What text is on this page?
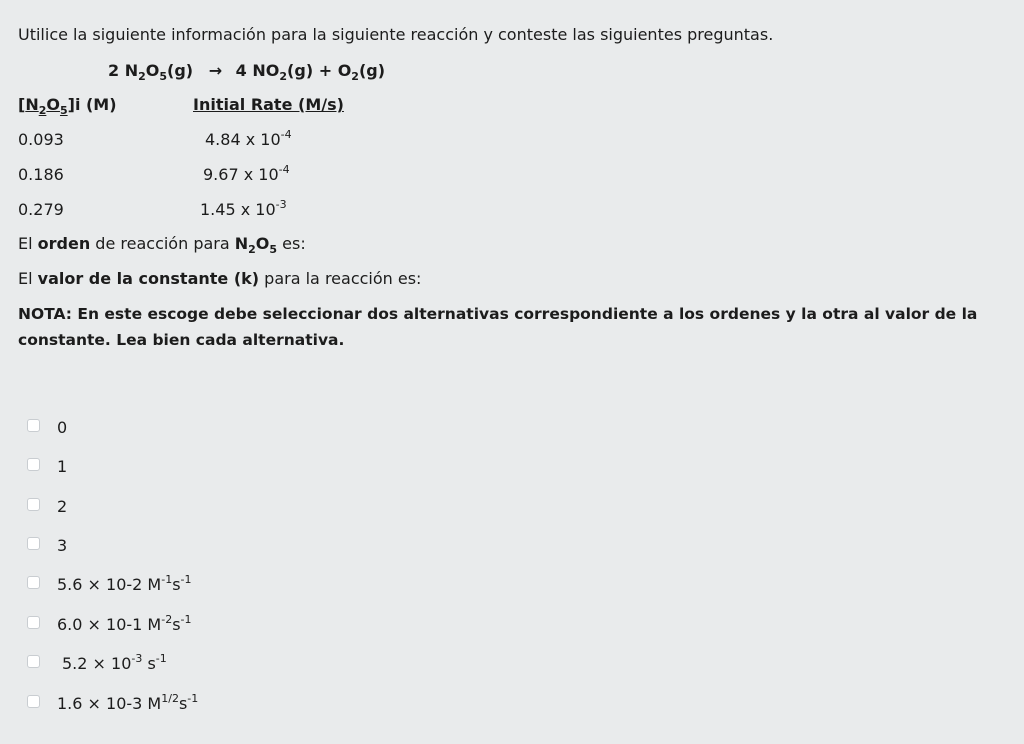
Utilice la siguiente información para la siguiente reacción y conteste las siguientes preguntas.
2 $N_2O_5(g) \to 4$ $NO_2(g) + O_2(g)$
$[N_2O_5]i$ (M)	Initial Rate (M/s)
0.093	4.84 x $10^{-4}$
0.186	9.67 x $10^{-4}$
0.279	1.45 x $10^{-3}$
El orden de reacción para $N_2O_5$ es:
El valor de la constante (k) para la reacción es:
NOTA: En este escoge debe seleccionar dos alternativas correspondiente a los ordenes y la otra al valor de la
constante. Lea bien cada alternativa.
0
1
2
3
5.6 × 10-2 $M^{-1}s^{-1}$
6.0 × 10-1 $M^{-2}s^{-1}$
$5.2 \times 10^{-3}$ $s^{-1}$
1.6 × 10-3 $M^{1/2}s^{-1}$
